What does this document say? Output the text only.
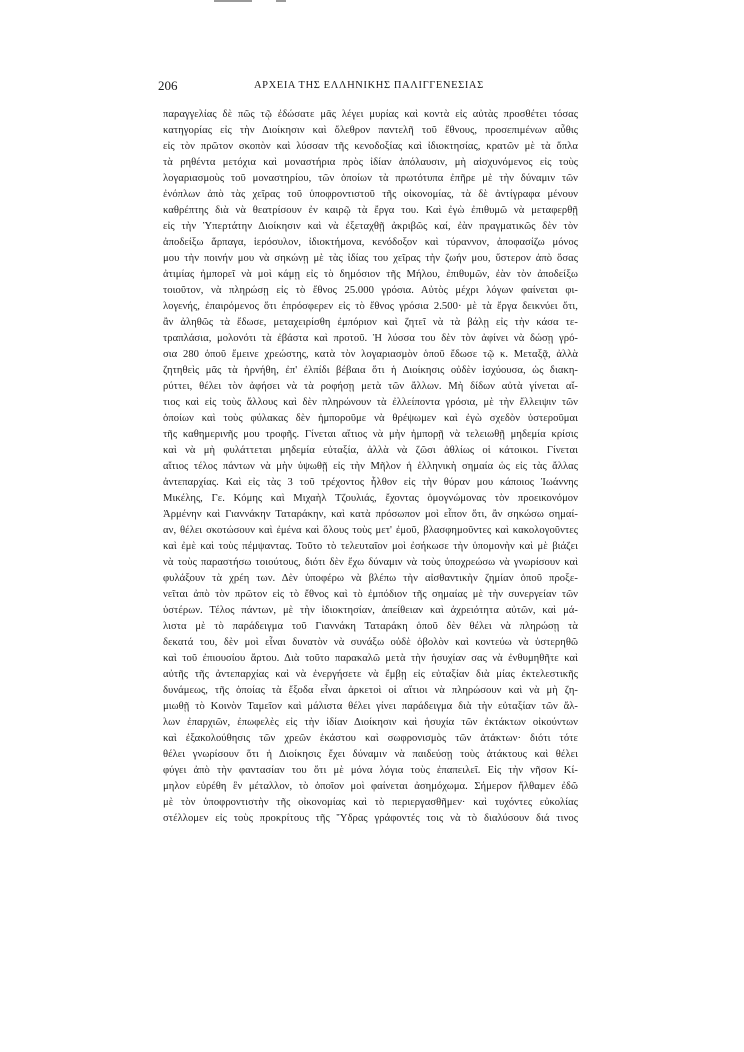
206	ΑΡΧΕΙΑ ΤΗΣ ΕΛΛΗΝΙΚΗΣ ΠΑΛΙΓΓΕΝΕΣΙΑΣ
παραγγελίας δὲ πῶς τῷ ἐδώσατε μᾶς λέγει μυρίας καὶ κοντὰ εἰς αὐτὰς προσθέτει τόσας
κατηγορίας εἰς τὴν Διοίκησιν καὶ ὄλεθρον παντελῆ τοῦ ἔθνους, προσεπιμένων αὖθις
εἰς τὸν πρῶτον σκοπὸν καὶ λύσσαν τῆς κενοδοξίας καὶ ἰδιοκτησίας, κρατῶν μὲ τὰ ὅπλα
τὰ ρηθέντα μετόχια καὶ μοναστήρια πρὸς ἰδίαν ἀπόλαυσιν, μὴ αἰσχυνόμενος εἰς τοὺς
λογαριασμοὺς τοῦ μοναστηρίου, τῶν ὁποίων τὰ πρωτότυπα ἐπῆρε μὲ τὴν δύναμιν τῶν
ἐνόπλων ἀπὸ τὰς χεῖρας τοῦ ὑποφροντιστοῦ τῆς οἰκονομίας, τὰ δὲ ἀντίγραφα μένουν
καθρέπτης διὰ νὰ θεατρίσουν ἐν καιρῷ τὰ ἔργα του. Καὶ ἐγὼ ἐπιθυμῶ νὰ μεταφερθῇ
εἰς τὴν Ὑπερτάτην Διοίκησιν καὶ νὰ ἐξεταχθῇ ἀκριβῶς καί, ἐὰν πραγματικῶς δὲν τὸν
ἀποδείξω ἅρπαγα, ἱερόσυλον, ἰδιοκτήμονα, κενόδοξον καὶ τύραννον, ἀποφασίζω μόνος
μου τὴν ποινήν μου νὰ σηκώνῃ μὲ τὰς ἰδίας του χεῖρας τὴν ζωήν μου, ὕστερον ἀπὸ ὅσας
ἀτιμίας ἠμπορεῖ νὰ μοὶ κάμῃ εἰς τὸ δημόσιον τῆς Μήλου, ἐπιθυμῶν, ἐὰν τὸν ἀποδείξω
τοιοῦτον, νὰ πληρώσῃ εἰς τὸ ἔθνος 25.000 γρόσια. Αὐτὸς μέχρι λόγων φαίνεται φι-
λογενής, ἐπαιρόμενος ὅτι ἐπρόσφερεν εἰς τὸ ἔθνος γρόσια 2.500· μὲ τὰ ἔργα δεικνύει ὅτι,
ἂν ἀληθῶς τὰ ἔδωσε, μεταχειρίσθη ἐμπόριον καὶ ζητεῖ νὰ τὰ βάλῃ εἰς τὴν κάσα τε-
τραπλάσια, μολονότι τὰ ἐβάστα καὶ προτοῦ. Ἡ λύσσα του δὲν τὸν ἀφίνει νὰ δώσῃ γρό-
σια 280 ὁποῦ ἔμεινε χρεώστης, κατὰ τὸν λογαριασμὸν ὁποῦ ἔδωσε τῷ κ. Μεταξᾷ, ἀλλὰ
ζητηθεὶς μᾶς τὰ ἠρνήθη, ἐπ' ἐλπίδι βέβαια ὅτι ἡ Διοίκησις οὐδὲν ἰσχύουσα, ὡς διακη-
ρύττει, θέλει τὸν ἀφήσει νὰ τὰ ροφήσῃ μετὰ τῶν ἄλλων. Μὴ δίδων αὐτὰ γίνεται αἴ-
τιος καὶ εἰς τοὺς ἄλλους καὶ δὲν πληρώνουν τὰ ἐλλείποντα γρόσια, μὲ τὴν ἔλλειψιν τῶν
ὁποίων καὶ τοὺς φύλακας δὲν ἠμποροῦμε νὰ θρέψωμεν καὶ ἐγὼ σχεδὸν ὑστεροῦμαι
τῆς καθημερινῆς μου τροφῆς. Γίνεται αἴτιος νὰ μὴν ἠμπορῇ νὰ τελειωθῇ μηδεμία κρίσις
καὶ νὰ μὴ φυλάττεται μηδεμία εὐταξία, ἀλλὰ νὰ ζῶσι ἀθλίως οἱ κάτοικοι. Γίνεται
αἴτιος τέλος πάντων νὰ μὴν ὑψωθῇ εἰς τὴν Μῆλον ἡ ἑλληνικὴ σημαία ὡς εἰς τὰς ἄλλας
ἀντεπαρχίας. Καὶ εἰς τὰς 3 τοῦ τρέχοντος ἦλθον εἰς τὴν θύραν μου κάποιος Ἰωάννης
Μικέλης, Γε. Κόμης καὶ Μιχαὴλ Τζουλιάς, ἔχοντας ὁμογνώμονας τὸν προεικονόμον
Ἀρμένην καὶ Γιαννάκην Ταταράκην, καὶ κατὰ πρόσωπον μοὶ εἶπον ὅτι, ἂν σηκώσω σημαί-
αν, θέλει σκοτώσουν καὶ ἐμένα καὶ ὅλους τοὺς μετ' ἐμοῦ, βλασφημοῦντες καὶ κακολογοῦντες
καὶ ἐμὲ καὶ τοὺς πέμψαντας. Τοῦτο τὸ τελευταῖον μοὶ ἐσήκωσε τὴν ὑπομονὴν καὶ μὲ βιάζει
νὰ τοὺς παραστήσω τοιούτους, διότι δὲν ἔχω δύναμιν νὰ τοὺς ὑποχρεώσω νὰ γνωρίσουν καὶ
φυλάξουν τὰ χρέη των. Δὲν ὑποφέρω νὰ βλέπω τὴν αἰσθαντικὴν ζημίαν ὁποῦ προξε-
νεῖται ἀπὸ τὸν πρῶτον εἰς τὸ ἔθνος καὶ τὸ ἐμπόδιον τῆς σημαίας μὲ τὴν συνεργείαν τῶν
ὑστέρων. Τέλος πάντων, μὲ τὴν ἰδιοκτησίαν, ἀπείθειαν καὶ ἀχρειότητα αὐτῶν, καὶ μά-
λιστα μὲ τὸ παράδειγμα τοῦ Γιαννάκη Ταταράκη ὁποῦ δὲν θέλει νὰ πληρώσῃ τὰ
δεκατά του, δὲν μοὶ εἶναι δυνατὸν νὰ συνάξω οὐδὲ ὀβολὸν καὶ κοντεύω νὰ ὑστερηθῶ
καὶ τοῦ ἐπιουσίου ἄρτου. Διὰ τοῦτο παρακαλῶ μετὰ τὴν ἡσυχίαν σας νὰ ἐνθυμηθῆτε καὶ
αὐτῆς τῆς ἀντεπαρχίας καὶ νὰ ἐνεργήσετε νὰ ἔμβῃ εἰς εὐταξίαν διὰ μίας ἐκτελεστικῆς
δυνάμεως, τῆς ὁποίας τὰ ἔξοδα εἶναι ἀρκετοὶ οἱ αἴτιοι νὰ πληρώσουν καὶ νὰ μὴ ζη-
μιωθῇ τὸ Κοινὸν Ταμεῖον καὶ μάλιστα θέλει γίνει παράδειγμα διὰ τὴν εὐταξίαν τῶν ἄλ-
λων ἐπαρχιῶν, ἐπωφελὲς εἰς τὴν ἰδίαν Διοίκησιν καὶ ἡσυχία τῶν ἐκτάκτων οἰκούντων
καὶ ἐξακολούθησις τῶν χρεῶν ἑκάστου καὶ σωφρονισμὸς τῶν ἀτάκτων· διότι τότε
θέλει γνωρίσουν ὅτι ἡ Διοίκησις ἔχει δύναμιν νὰ παιδεύσῃ τοὺς ἀτάκτους καὶ θέλει
φύγει ἀπὸ τὴν φαντασίαν του ὅτι μὲ μόνα λόγια τοὺς ἐπαπειλεῖ. Εἰς τὴν νῆσον Κί-
μηλον εὑρέθη ἓν μέταλλον, τὸ ὁποῖον μοὶ φαίνεται ἀσημόχωμα. Σήμερον ἤλθαμεν ἐδῶ
μὲ τὸν ὑποφροντιστὴν τῆς οἰκονομίας καὶ τὸ περιεργασθῆμεν· καὶ τυχόντες εὐκολίας
στέλλομεν εἰς τοὺς προκρίτους τῆς Ὕδρας γράφοντές τοις νὰ τὸ διαλύσουν διά τινος
